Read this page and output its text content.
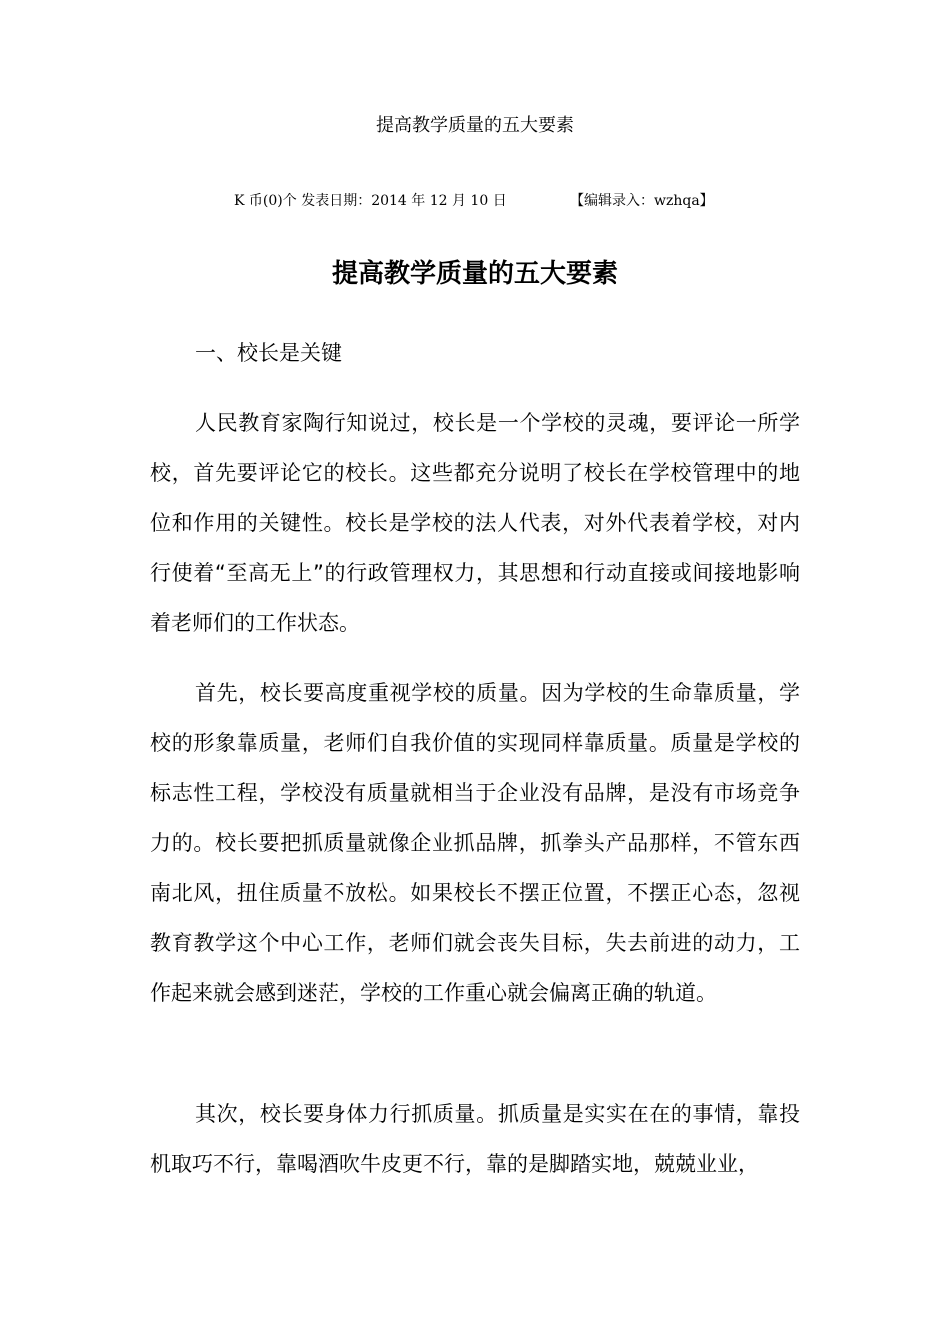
提高教学质量的五大要素
K 币(0)个 发表日期：2014 年 12 月 10 日	【编辑录入：wzhqa】
提高教学质量的五大要素
一、校长是关键

人民教育家陶行知说过，校长是一个学校的灵魂，要评论一所学校，首先要评论它的校长。这些都充分说明了校长在学校管理中的地位和作用的关键性。校长是学校的法人代表，对外代表着学校，对内行使着“至高无上”的行政管理权力，其思想和行动直接或间接地影响着老师们的工作状态。

首先，校长要高度重视学校的质量。因为学校的生命靠质量，学校的形象靠质量，老师们自我价值的实现同样靠质量。质量是学校的标志性工程，学校没有质量就相当于企业没有品牌，是没有市场竞争力的。校长要把抓质量就像企业抓品牌，抓拳头产品那样，不管东西南北风，扭住质量不放松。如果校长不摆正位置，不摆正心态，忽视教育教学这个中心工作，老师们就会丧失目标，失去前进的动力，工作起来就会感到迷茫，学校的工作重心就会偏离正确的轨道。

其次，校长要身体力行抓质量。抓质量是实实在在的事情，靠投机取巧不行，靠喝酒吹牛皮更不行，靠的是脚踏实地，兢兢业业，
